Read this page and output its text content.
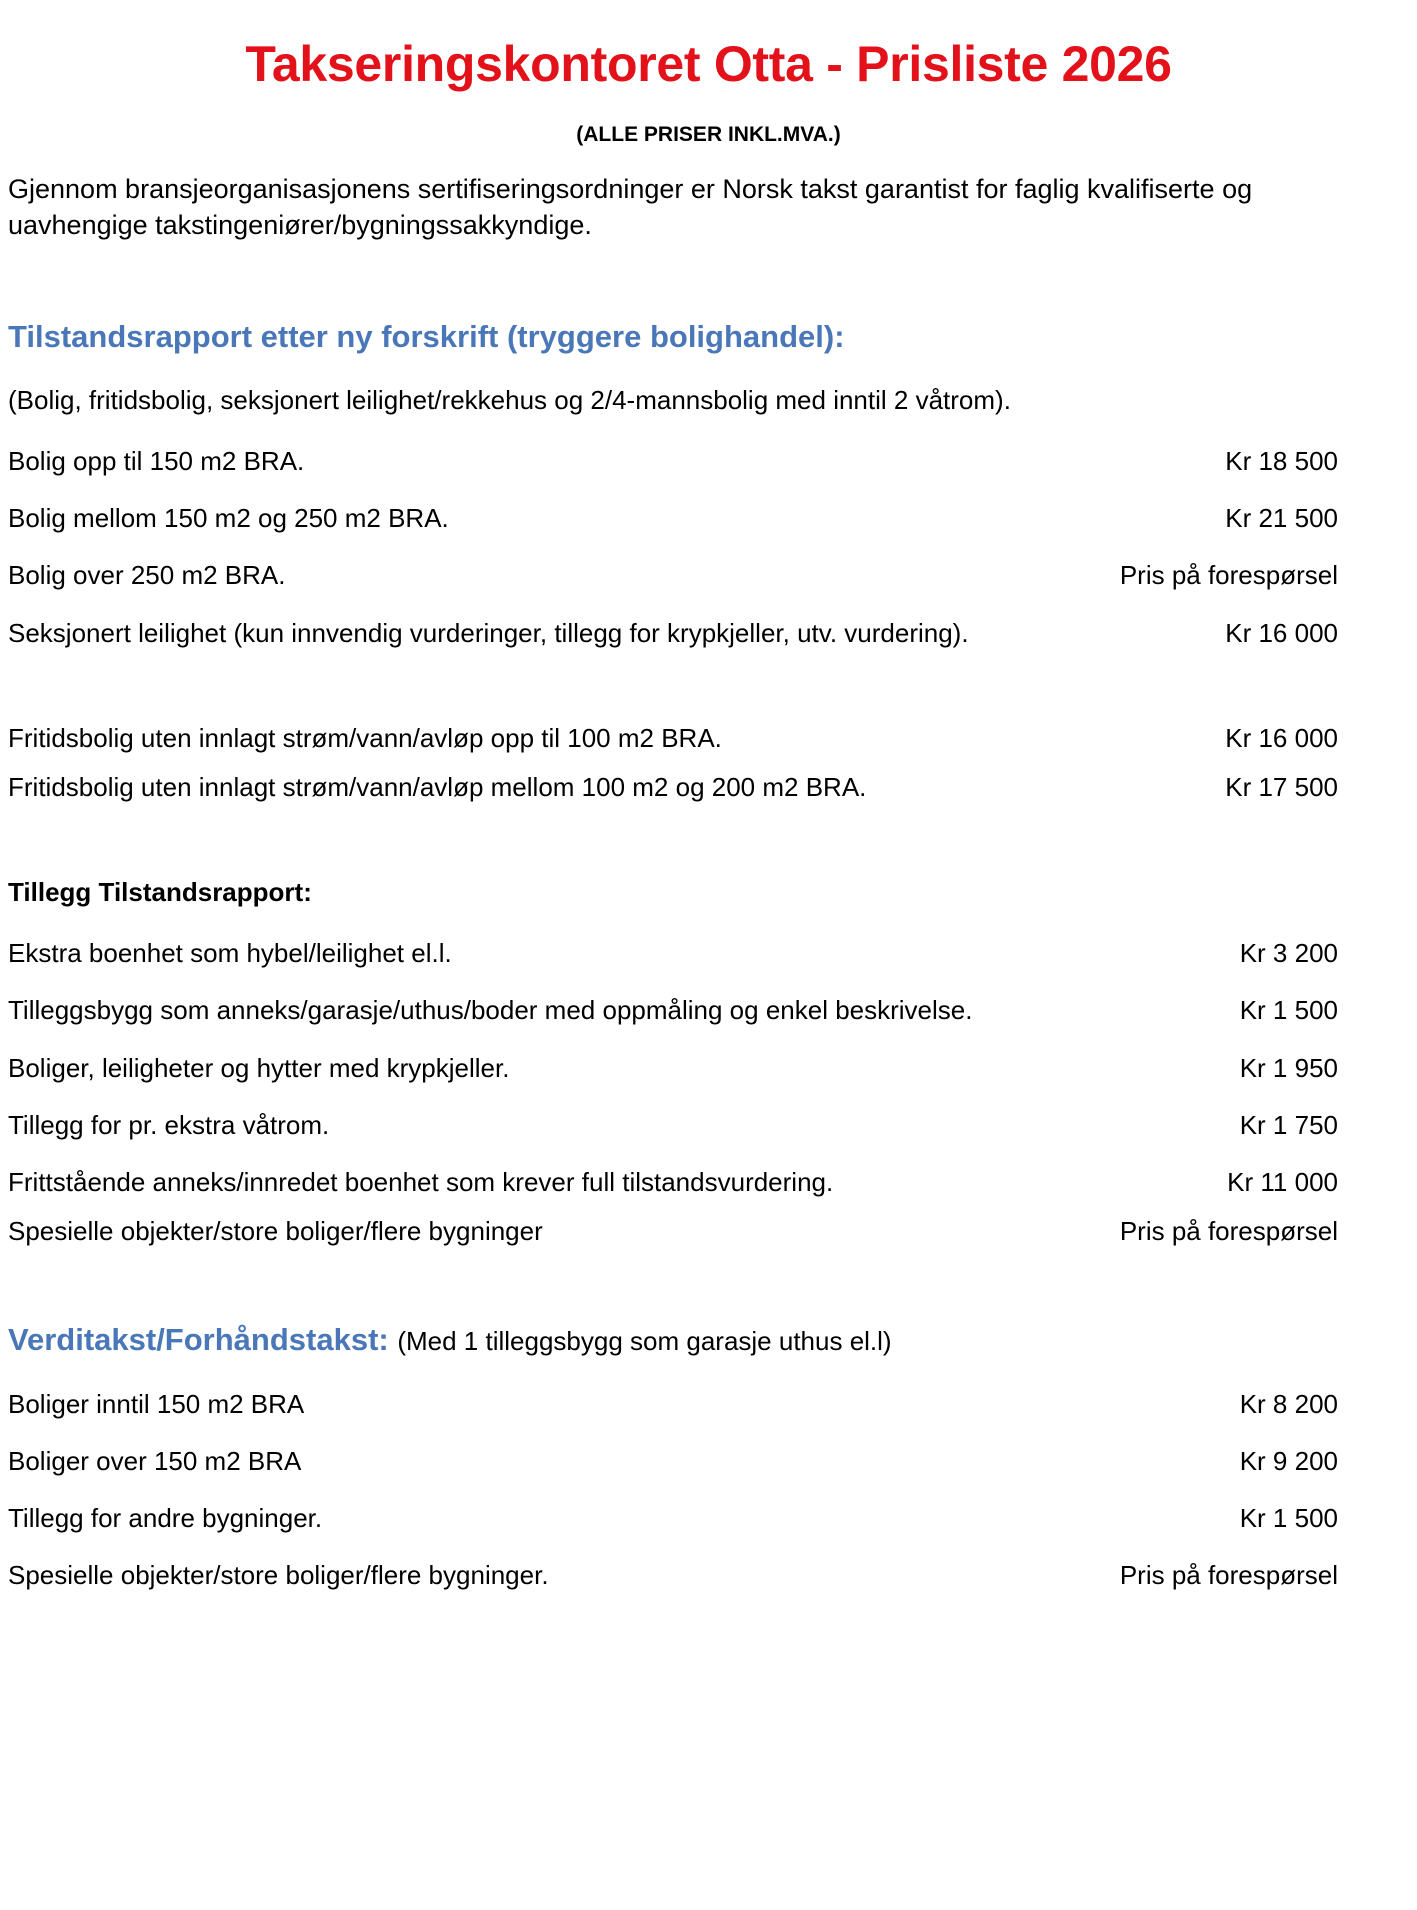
Takseringskontoret Otta - Prisliste 2026
(ALLE PRISER INKL.MVA.)

Gjennom bransjeorganisasjonens sertifiseringsordninger er Norsk takst garantist for faglig kvalifiserte og uavhengige takstingeniører/bygningssakkyndige.

Tilstandsrapport etter ny forskrift (tryggere bolighandel):
(Bolig, fritidsbolig, seksjonert leilighet/rekkehus og 2/4-mannsbolig med inntil 2 våtrom).
Bolig opp til 150 m2 BRA.	Kr 18 500
Bolig mellom 150 m2 og 250 m2 BRA.	Kr 21 500
Bolig over 250 m2 BRA.	Pris på forespørsel
Seksjonert leilighet (kun innvendig vurderinger, tillegg for krypkjeller, utv. vurdering).	Kr 16 000
Fritidsbolig uten innlagt strøm/vann/avløp opp til 100 m2 BRA.	Kr 16 000
Fritidsbolig uten innlagt strøm/vann/avløp mellom 100 m2 og 200 m2 BRA.	Kr 17 500
Tillegg Tilstandsrapport:
Ekstra boenhet som hybel/leilighet el.l.	Kr 3 200
Tilleggsbygg som anneks/garasje/uthus/boder med oppmåling og enkel beskrivelse.	Kr 1 500
Boliger, leiligheter og hytter med krypkjeller.	Kr 1 950
Tillegg for pr. ekstra våtrom.	Kr 1 750
Frittstående anneks/innredet boenhet som krever full tilstandsvurdering.	Kr 11 000
Spesielle objekter/store boliger/flere bygninger	Pris på forespørsel
Verditakst/Forhåndstakst: (Med 1 tilleggsbygg som garasje uthus el.l)
Boliger inntil 150 m2 BRA	Kr 8 200
Boliger over 150 m2 BRA	Kr 9 200
Tillegg for andre bygninger.	Kr 1 500
Spesielle objekter/store boliger/flere bygninger.	Pris på forespørsel
